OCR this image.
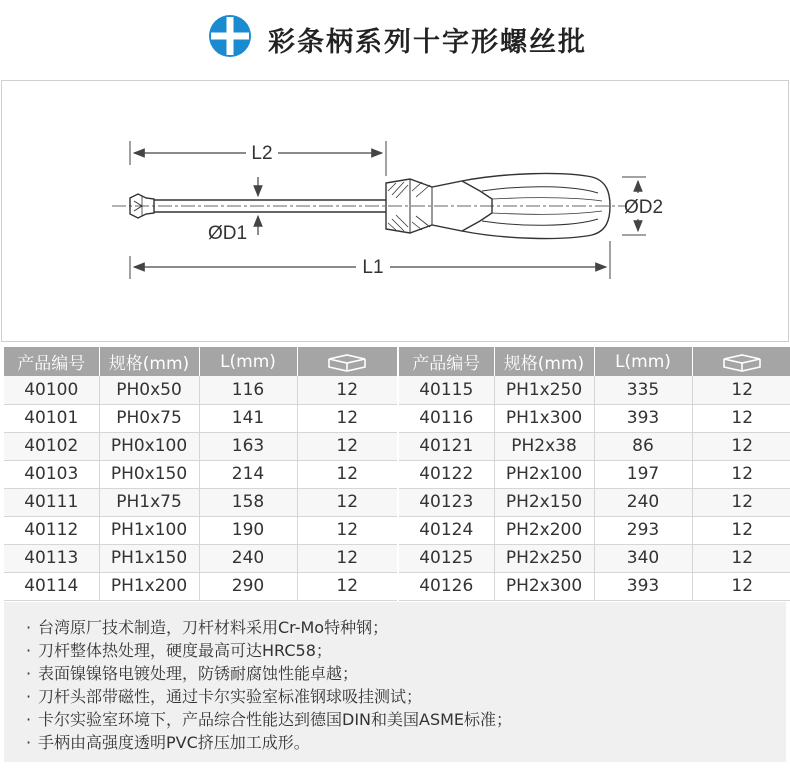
彩条柄系列十字形螺丝批
L2
L1
ØD1
ØD2
产品编号	规格(mm)	L(mm)	
40100	PH0x50	116	12
40101	PH0x75	141	12
40102	PH0x100	163	12
40103	PH0x150	214	12
40111	PH1x75	158	12
40112	PH1x100	190	12
40113	PH1x150	240	12
40114	PH1x200	290	12
产品编号	规格(mm)	L(mm)	
40115	PH1x250	335	12
40116	PH1x300	393	12
40121	PH2x38	86	12
40122	PH2x100	197	12
40123	PH2x150	240	12
40124	PH2x200	293	12
40125	PH2x250	340	12
40126	PH2x300	393	12
· 台湾原厂技术制造，刀杆材料采用Cr-Mo特种钢；
· 刀杆整体热处理，硬度最高可达HRC58；
· 表面镍镍铬电镀处理，防锈耐腐蚀性能卓越；
· 刀杆头部带磁性，通过卡尔实验室标准钢球吸挂测试；
· 卡尔实验室环境下，产品综合性能达到德国DIN和美国ASME标准；
· 手柄由高强度透明PVC挤压加工成形。
